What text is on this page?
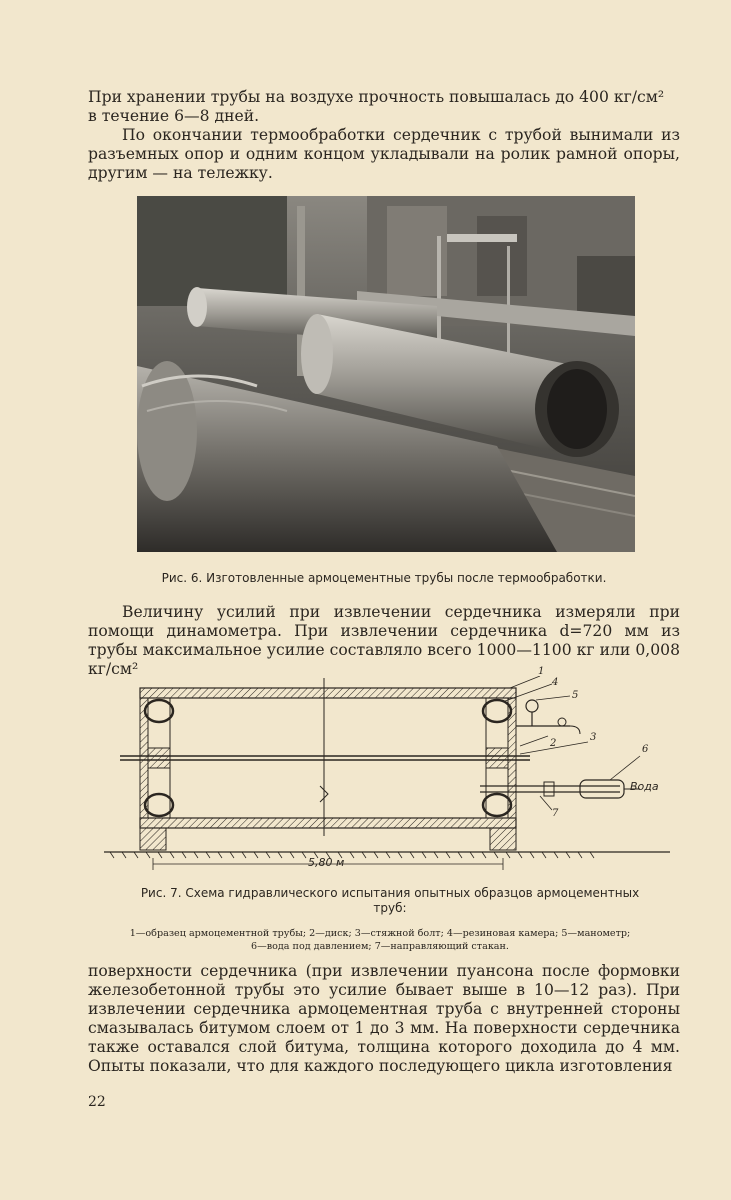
При хранении трубы на воздухе прочность повышалась до 400 кг/см²

в течение 6—8 дней.

По окончании термообработки сердечник с трубой вынимали из разъемных опор и одним концом укладывали на ролик рамной опоры, другим — на тележку.

Рис. 6. Изготовленные армоцементные трубы после термообработки.

Величину усилий при извлечении сердечника измеряли при помощи динамометра. При извлечении сердечника d=720 мм из трубы максимальное усилие составляло всего 1000—1100 кг или 0,008 кг/см²

5,80 м
Вода
1
2
3
4
5
6
7
Рис. 7. Схема гидравлического испытания опытных образцов армоцементных
труб:
1—образец армоцементной трубы; 2—диск; 3—стяжной болт; 4—резиновая камера; 5—манометр;
6—вода под давлением; 7—направляющий стакан.

поверхности сердечника (при извлечении пуансона после формовки железобетонной трубы это усилие бывает выше в 10—12 раз). При извлечении сердечника армоцементная труба с внутренней стороны смазывалась битумом слоем от 1 до 3 мм. На поверхности сердечника также оставался слой битума, толщина которого доходила до 4 мм. Опыты показали, что для каждого последующего цикла изготовления

22
